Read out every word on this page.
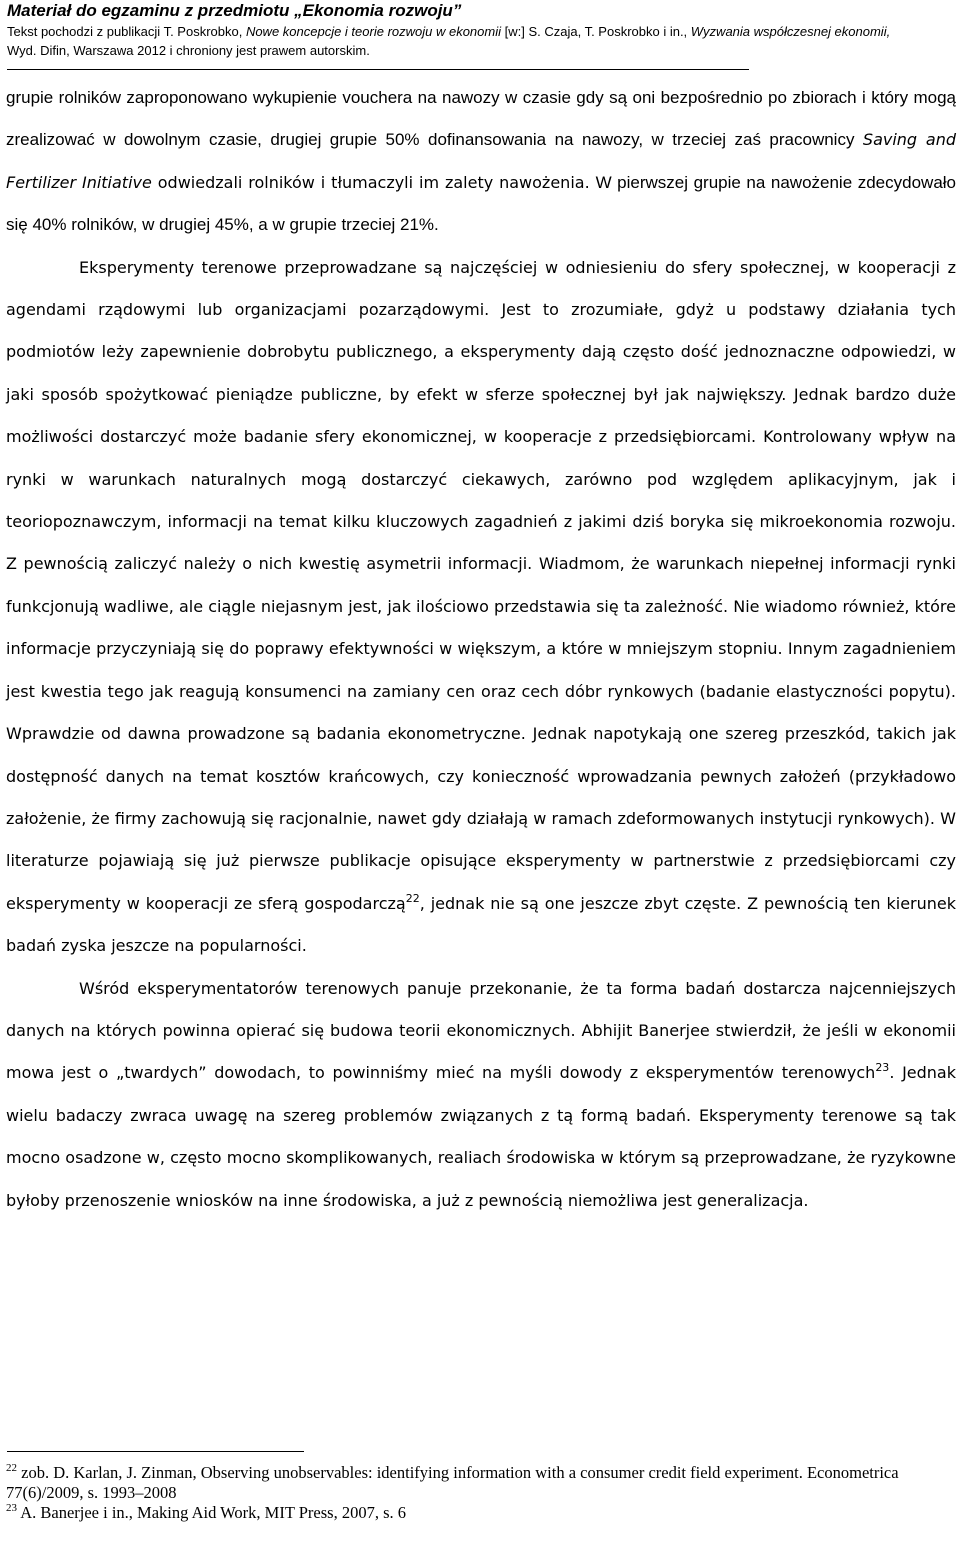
Materiał do egzaminu z przedmiotu „Ekonomia rozwoju”
Tekst pochodzi z publikacji T. Poskrobko, Nowe koncepcje i teorie rozwoju w ekonomii [w:] S. Czaja, T. Poskrobko i in., Wyzwania współczesnej ekonomii,
Wyd. Difin, Warszawa 2012 i chroniony jest prawem autorskim.

grupie rolników zaproponowano wykupienie vouchera na nawozy w czasie gdy są oni bezpośrednio po zbiorach i który mogą zrealizować w dowolnym czasie, drugiej grupie 50% dofinansowania na nawozy, w trzeciej zaś pracownicy Saving and Fertilizer Initiative odwiedzali rolników i tłumaczyli im zalety nawożenia. W pierwszej grupie na nawożenie zdecydowało się 40% rolników, w drugiej 45%, a w grupie trzeciej 21%.

Eksperymenty terenowe przeprowadzane są najczęściej w odniesieniu do sfery społecznej, w kooperacji z agendami rządowymi lub organizacjami pozarządowymi. Jest to zrozumiałe, gdyż u podstawy działania tych podmiotów leży zapewnienie dobrobytu publicznego, a eksperymenty dają często dość jednoznaczne odpowiedzi, w jaki sposób spożytkować pieniądze publiczne, by efekt w sferze społecznej był jak największy. Jednak bardzo duże możliwości dostarczyć może badanie sfery ekonomicznej, w kooperacje z przedsiębiorcami. Kontrolowany wpływ na rynki w warunkach naturalnych mogą dostarczyć ciekawych, zarówno pod względem aplikacyjnym, jak i teoriopoznawczym, informacji na temat kilku kluczowych zagadnień z jakimi dziś boryka się mikroekonomia rozwoju. Z pewnością zaliczyć należy o nich kwestię asymetrii informacji. Wiadmom, że warunkach niepełnej informacji rynki funkcjonują wadliwe, ale ciągle niejasnym jest, jak ilościowo przedstawia się ta zależność. Nie wiadomo również, które informacje przyczyniają się do poprawy efektywności w większym, a które w mniejszym stopniu. Innym zagadnieniem jest kwestia tego jak reagują konsumenci na zamiany cen oraz cech dóbr rynkowych (badanie elastyczności popytu). Wprawdzie od dawna prowadzone są badania ekonometryczne. Jednak napotykają one szereg przeszkód, takich jak dostępność danych na temat kosztów krańcowych, czy konieczność wprowadzania pewnych założeń (przykładowo założenie, że firmy zachowują się racjonalnie, nawet gdy działają w ramach zdeformowanych instytucji rynkowych). W literaturze pojawiają się już pierwsze publikacje opisujące eksperymenty w partnerstwie z przedsiębiorcami czy eksperymenty w kooperacji ze sferą gospodarczą$^{22}$, jednak nie są one jeszcze zbyt częste. Z pewnością ten kierunek badań zyska jeszcze na popularności.

Wśród eksperymentatorów terenowych panuje przekonanie, że ta forma badań dostarcza najcenniejszych danych na których powinna opierać się budowa teorii ekonomicznych. Abhijit Banerjee stwierdził, że jeśli w ekonomii mowa jest o „twardych” dowodach, to powinniśmy mieć na myśli dowody z eksperymentów terenowych$^{23}$. Jednak wielu badaczy zwraca uwagę na szereg problemów związanych z tą formą badań. Eksperymenty terenowe są tak mocno osadzone w, często mocno skomplikowanych, realiach środowiska w którym są przeprowadzane, że ryzykowne byłoby przenoszenie wniosków na inne środowiska, a już z pewnością niemożliwa jest generalizacja.

$^{22}$ zob. D. Karlan, J. Zinman, Observing unobservables: identifying information with a consumer credit field experiment. Econometrica 77(6)/2009, s. 1993–2008

$^{23}$ A. Banerjee i in., Making Aid Work, MIT Press, 2007, s. 6
